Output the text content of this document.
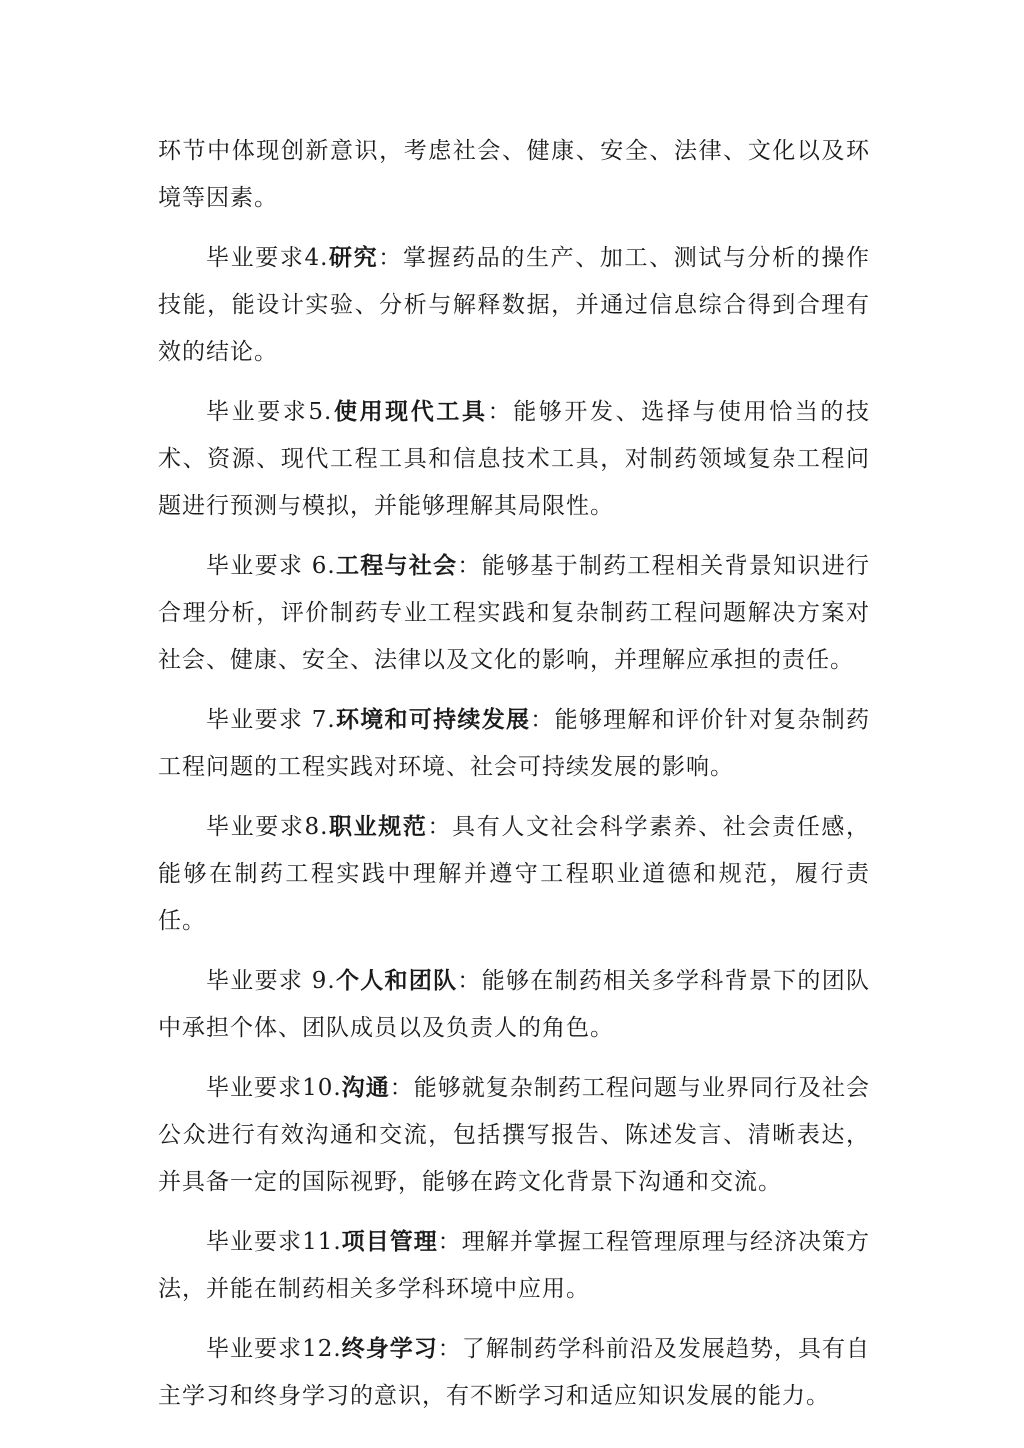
环节中体现创新意识，考虑社会、健康、安全、法律、文化以及环境等因素。

毕业要求4.研究：掌握药品的生产、加工、测试与分析的操作技能，能设计实验、分析与解释数据，并通过信息综合得到合理有效的结论。

毕业要求5.使用现代工具：能够开发、选择与使用恰当的技术、资源、现代工程工具和信息技术工具，对制药领域复杂工程问题进行预测与模拟，并能够理解其局限性。

毕业要求 6.工程与社会：能够基于制药工程相关背景知识进行合理分析，评价制药专业工程实践和复杂制药工程问题解决方案对社会、健康、安全、法律以及文化的影响，并理解应承担的责任。

毕业要求 7.环境和可持续发展：能够理解和评价针对复杂制药工程问题的工程实践对环境、社会可持续发展的影响。

毕业要求8.职业规范：具有人文社会科学素养、社会责任感，能够在制药工程实践中理解并遵守工程职业道德和规范，履行责任。

毕业要求 9.个人和团队：能够在制药相关多学科背景下的团队中承担个体、团队成员以及负责人的角色。

毕业要求10.沟通：能够就复杂制药工程问题与业界同行及社会公众进行有效沟通和交流，包括撰写报告、陈述发言、清晰表达，并具备一定的国际视野，能够在跨文化背景下沟通和交流。

毕业要求11.项目管理：理解并掌握工程管理原理与经济决策方法，并能在制药相关多学科环境中应用。

毕业要求12.终身学习：了解制药学科前沿及发展趋势，具有自主学习和终身学习的意识，有不断学习和适应知识发展的能力。
